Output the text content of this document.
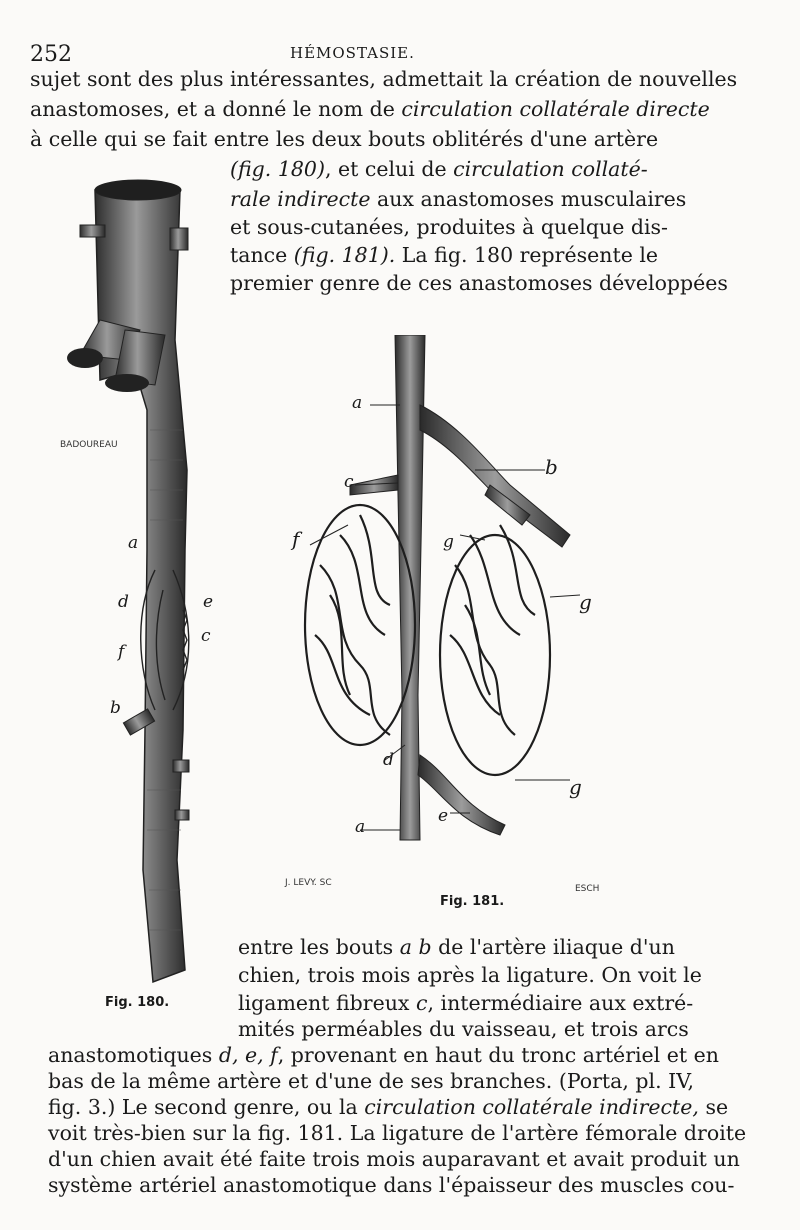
252	HÉMOSTASIE.
sujet sont des plus intéressantes, admettait la création de nouvelles
anastomoses, et a donné le nom de circulation collatérale directe
à celle qui se fait entre les deux bouts oblitérés d'une artère
(fig. 180), et celui de circulation collaté-
rale indirecte aux anastomoses musculaires
et sous-cutanées, produites à quelque dis-
tance (fig. 181). La fig. 180 représente le
premier genre de ces anastomoses développées
BADOUREAU
a
d	e
f
c
b
Fig. 180.
a
b
c
f	g
g
d
g
e
a
J. LEVY. SC
ESCH
Fig. 181.
entre les bouts a b de l'artère iliaque d'un
chien, trois mois après la ligature. On voit le
ligament fibreux c, intermédiaire aux extré-
mités perméables du vaisseau, et trois arcs
anastomotiques d, e, f, provenant en haut du tronc artériel et en
bas de la même artère et d'une de ses branches. (Porta, pl. IV,
fig. 3.) Le second genre, ou la circulation collatérale indirecte, se
voit très-bien sur la fig. 181. La ligature de l'artère fémorale droite
d'un chien avait été faite trois mois auparavant et avait produit un
système artériel anastomotique dans l'épaisseur des muscles cou-
